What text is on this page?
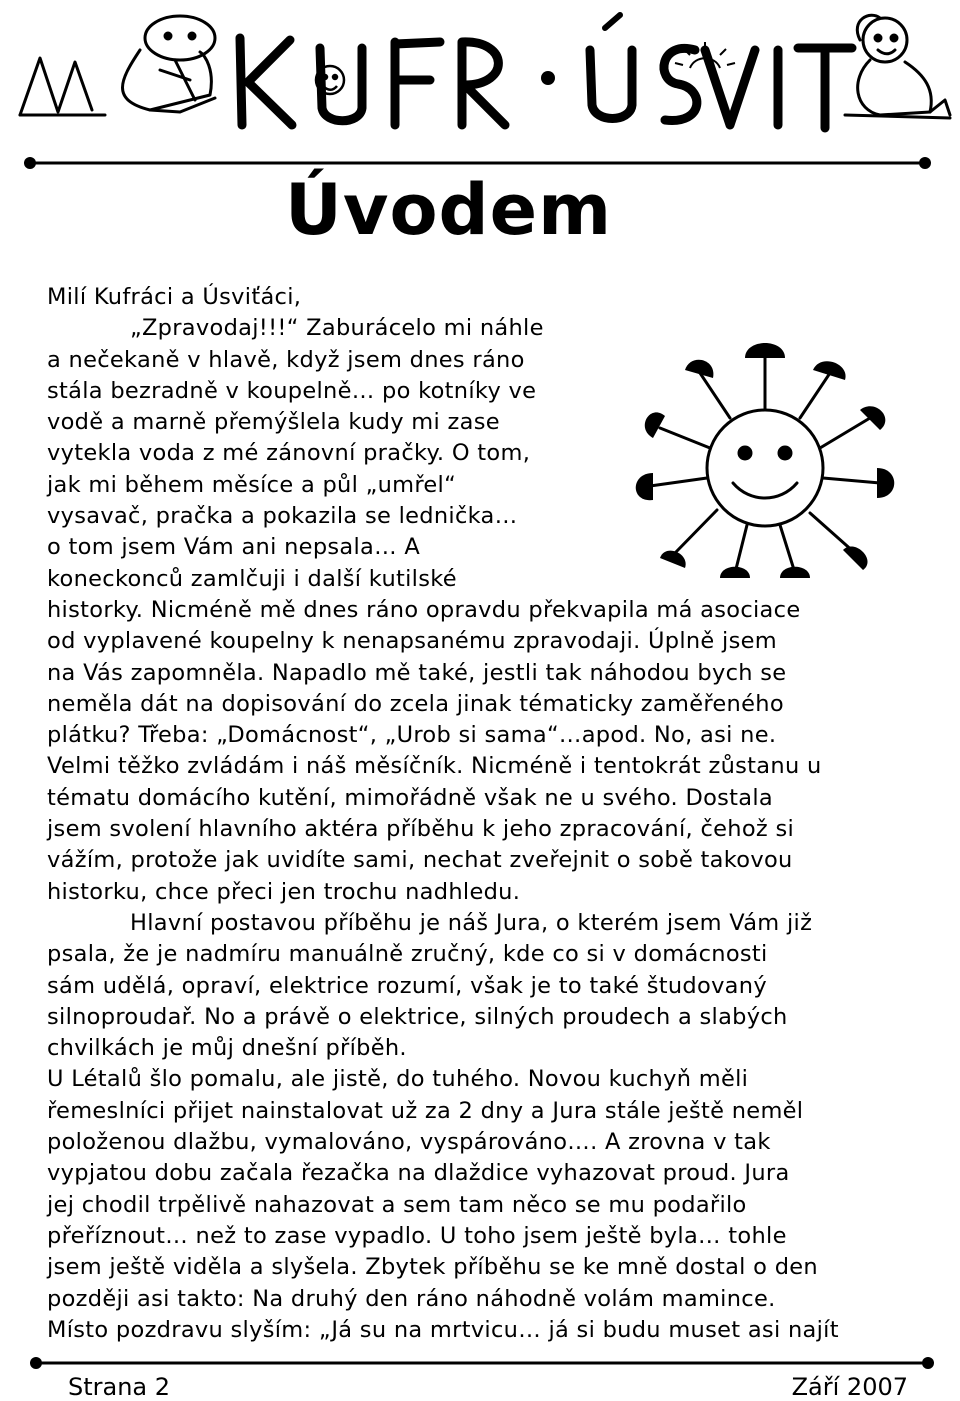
Úvodem
Milí Kufráci a Úsviťáci,
„Zpravodaj!!!“ Zaburácelo mi náhle
a nečekaně v hlavě, když jsem dnes ráno
stála bezradně v koupelně… po kotníky ve
vodě a marně přemýšlela kudy mi zase
vytekla voda z mé zánovní pračky. O tom,
jak mi během měsíce a půl „umřel“
vysavač, pračka a pokazila se lednička…
o tom jsem Vám ani nepsala… A
koneckonců zamlčuji i další kutilské
historky. Nicméně mě dnes ráno opravdu překvapila má asociace
od vyplavené koupelny k nenapsanému zpravodaji. Úplně jsem
na Vás zapomněla. Napadlo mě také, jestli tak náhodou bych se
neměla dát na dopisování do zcela jinak tématicky zaměřeného
plátku? Třeba: „Domácnost“, „Urob si sama“…apod. No, asi ne.
Velmi těžko zvládám i náš měsíčník. Nicméně i tentokrát zůstanu u
tématu domácího kutění, mimořádně však ne u svého. Dostala
jsem svolení hlavního aktéra příběhu k jeho zpracování, čehož si
vážím, protože jak uvidíte sami, nechat zveřejnit o sobě takovou
historku, chce přeci jen trochu nadhledu.
Hlavní postavou příběhu je náš Jura, o kterém jsem Vám již
psala, že je nadmíru manuálně zručný, kde co si v domácnosti
sám udělá, opraví, elektrice rozumí, však je to také študovaný
silnoproudař. No a právě o elektrice, silných proudech a slabých
chvilkách je můj dnešní příběh.
U Létalů šlo pomalu, ale jistě, do tuhého. Novou kuchyň měli
řemeslníci přijet nainstalovat už za 2 dny a Jura stále ještě neměl
položenou dlažbu, vymalováno, vyspárováno…. A zrovna v tak
vypjatou dobu začala řezačka na dlaždice vyhazovat proud. Jura
jej chodil trpělivě nahazovat a sem tam něco se mu podařilo
přeříznout… než to zase vypadlo. U toho jsem ještě byla… tohle
jsem ještě viděla a slyšela. Zbytek příběhu se ke mně dostal o den
později asi takto: Na druhý den ráno náhodně volám mamince.
Místo pozdravu slyším: „Já su na mrtvicu… já si budu muset asi najít
Strana 2	Září 2007
